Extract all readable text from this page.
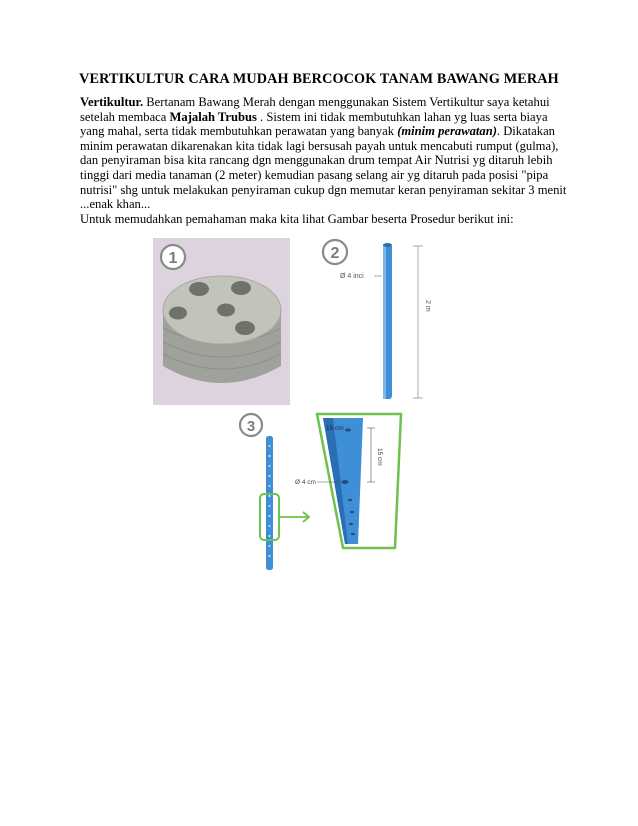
VERTIKULTUR CARA MUDAH BERCOCOK TANAM BAWANG MERAH

Vertikultur. Bertanam Bawang Merah dengan menggunakan Sistem Vertikultur saya ketahui setelah membaca Majalah Trubus . Sistem ini tidak membutuhkan lahan yg luas serta biaya yang mahal, serta tidak membutuhkan perawatan yang banyak (minim perawatan). Dikatakan minim perawatan dikarenakan kita tidak lagi bersusah payah untuk mencabuti rumput (gulma), dan penyiraman bisa kita rancang dgn menggunakan drum tempat Air Nutrisi yg ditaruh lebih tinggi dari media tanaman (2 meter) kemudian pasang selang air yg ditaruh pada posisi "pipa nutrisi" shg untuk melakukan penyiraman cukup dgn memutar keran penyiraman sekitar 3 menit ...enak khan...

Untuk memudahkan pemahaman maka kita lihat Gambar beserta Prosedur berikut ini:

1	2
Ø 4 inci
2 m
3	15 cm
15 cm
Ø 4 cm
